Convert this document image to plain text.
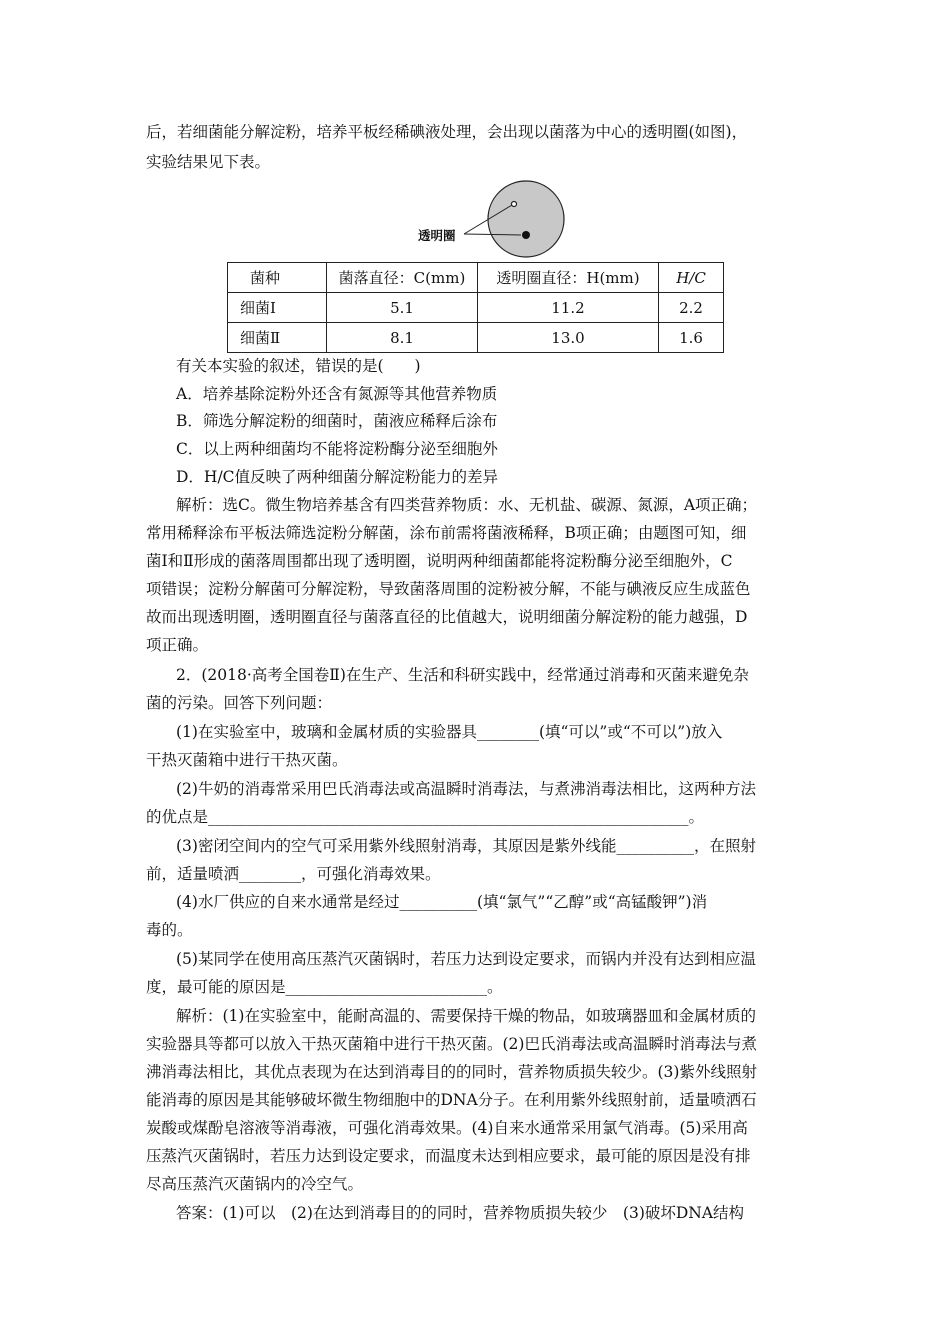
后，若细菌能分解淀粉，培养平板经稀碘液处理，会出现以菌落为中心的透明圈(如图)，
实验结果见下表。
透明圈
菌种	菌落直径：C(mm)	透明圈直径：H(mm)	H/C
细菌Ⅰ	5.1	11.2	2.2
细菌Ⅱ	8.1	13.0	1.6
有关本实验的叙述，错误的是(　　)
A．培养基除淀粉外还含有氮源等其他营养物质
B．筛选分解淀粉的细菌时，菌液应稀释后涂布
C．以上两种细菌均不能将淀粉酶分泌至细胞外
D．H/C值反映了两种细菌分解淀粉能力的差异
解析：选C。微生物培养基含有四类营养物质：水、无机盐、碳源、氮源，A项正确；
常用稀释涂布平板法筛选淀粉分解菌，涂布前需将菌液稀释，B项正确；由题图可知，细
菌Ⅰ和Ⅱ形成的菌落周围都出现了透明圈，说明两种细菌都能将淀粉酶分泌至细胞外，C
项错误；淀粉分解菌可分解淀粉，导致菌落周围的淀粉被分解，不能与碘液反应生成蓝色
故而出现透明圈，透明圈直径与菌落直径的比值越大，说明细菌分解淀粉的能力越强，D
项正确。
2．(2018·高考全国卷Ⅱ)在生产、生活和科研实践中，经常通过消毒和灭菌来避免杂
菌的污染。回答下列问题：
(1)在实验室中，玻璃和金属材质的实验器具________(填“可以”或“不可以”)放入
干热灭菌箱中进行干热灭菌。
(2)牛奶的消毒常采用巴氏消毒法或高温瞬时消毒法，与煮沸消毒法相比，这两种方法
的优点是______________________________________________________________。
(3)密闭空间内的空气可采用紫外线照射消毒，其原因是紫外线能__________，在照射
前，适量喷洒________，可强化消毒效果。
(4)水厂供应的自来水通常是经过__________(填“氯气”“乙醇”或“高锰酸钾”)消
毒的。
(5)某同学在使用高压蒸汽灭菌锅时，若压力达到设定要求，而锅内并没有达到相应温
度，最可能的原因是__________________________。
解析：(1)在实验室中，能耐高温的、需要保持干燥的物品，如玻璃器皿和金属材质的
实验器具等都可以放入干热灭菌箱中进行干热灭菌。(2)巴氏消毒法或高温瞬时消毒法与煮
沸消毒法相比，其优点表现为在达到消毒目的的同时，营养物质损失较少。(3)紫外线照射
能消毒的原因是其能够破坏微生物细胞中的DNA分子。在利用紫外线照射前，适量喷洒石
炭酸或煤酚皂溶液等消毒液，可强化消毒效果。(4)自来水通常采用氯气消毒。(5)采用高
压蒸汽灭菌锅时，若压力达到设定要求，而温度未达到相应要求，最可能的原因是没有排
尽高压蒸汽灭菌锅内的冷空气。
答案：(1)可以　(2)在达到消毒目的的同时，营养物质损失较少　(3)破坏DNA结构
